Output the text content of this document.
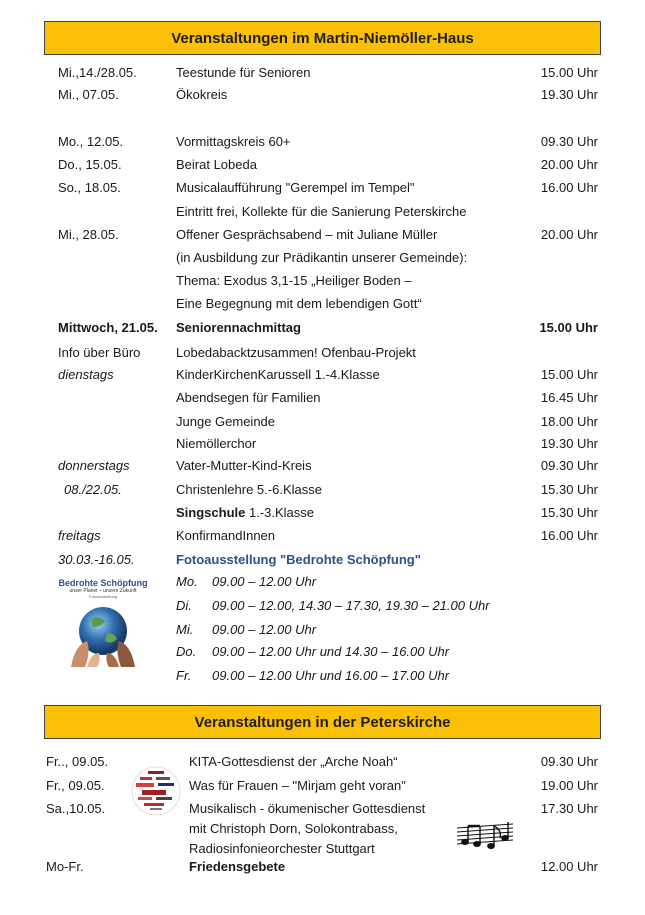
Veranstaltungen im Martin-Niemöller-Haus
Mi.,14./28.05.	Teestunde für Senioren	15.00 Uhr
Mi., 07.05.	Ökokreis	19.30 Uhr
Mo., 12.05.	Vormittagskreis 60+	09.30 Uhr
Do., 15.05.	Beirat Lobeda	20.00 Uhr
So., 18.05.	Musicalaufführung "Gerempel im Tempel"	16.00 Uhr
Eintritt frei, Kollekte für die Sanierung Peterskirche
Mi., 28.05.	Offener Gesprächsabend – mit Juliane Müller	20.00 Uhr
(in Ausbildung zur Prädikantin unserer Gemeinde):
Thema: Exodus 3,1-15 „Heiliger Boden –
Eine Begegnung mit dem lebendigen Gott“
Mittwoch, 21.05. Seniorennachmittag	15.00 Uhr
Info über Büro	Lobedabacktzusammen! Ofenbau-Projekt
dienstags	KinderKirchenKarussell 1.-4.Klasse	15.00 Uhr
Abendsegen für Familien	16.45 Uhr
Junge Gemeinde	18.00 Uhr
Niemöllerchor	19.30 Uhr
donnerstags	Vater-Mutter-Kind-Kreis	09.30 Uhr
08./22.05.	Christenlehre 5.-6.Klasse	15.30 Uhr
Singschule 1.-3.Klasse	15.30 Uhr
freitags	KonfirmandInnen	16.00 Uhr
30.03.-16.05.	Fotoausstellung "Bedrohte Schöpfung"
Bedrohte Schöpfung
unser Planet – unsere Zukunft
Fotoausstellung
Mo. 09.00 – 12.00 Uhr
Di. 09.00 – 12.00, 14.30 – 17.30, 19.30 – 21.00 Uhr
Mi. 09.00 – 12.00 Uhr
Do. 09.00 – 12.00 Uhr und 14.30 – 16.00 Uhr
Fr. 09.00 – 12.00 Uhr und 16.00 – 17.00 Uhr
Veranstaltungen in der Peterskirche
Fr.., 09.05.	KITA-Gottesdienst der „Arche Noah“	09.30 Uhr
Fr., 09.05.	Was für Frauen – "Mirjam geht voran"	19.00 Uhr
Sa.,10.05.	Musikalisch - ökumenischer Gottesdienst	17.30 Uhr
mit Christoph Dorn, Solokontrabass,
Radiosinfonieorchester Stuttgart
Mo-Fr.	Friedensgebete	12.00 Uhr
